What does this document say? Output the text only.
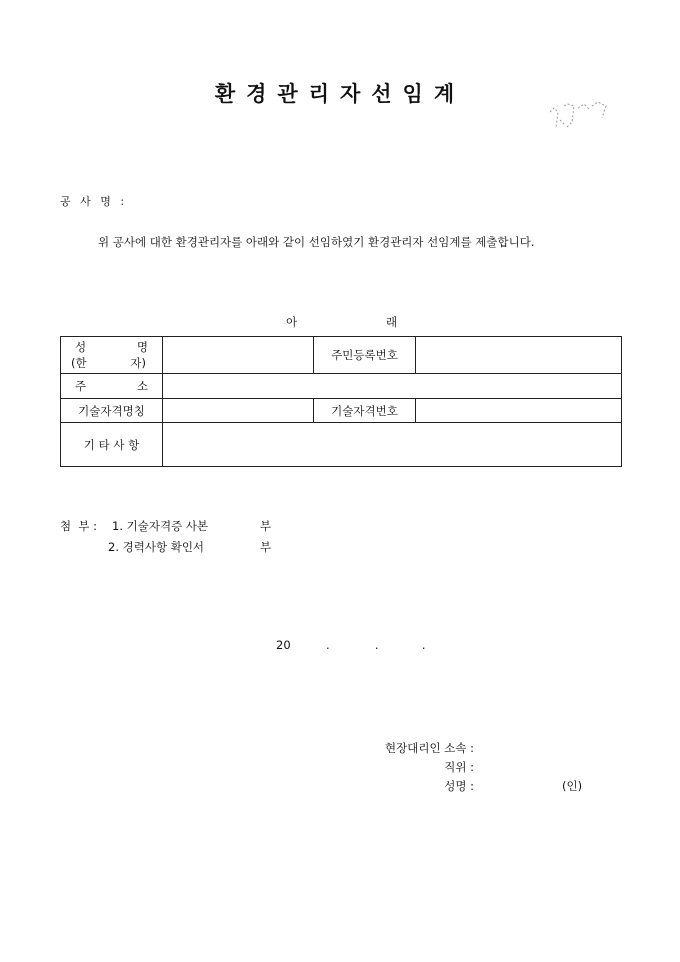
환경관리자선임계
공 사 명 :
위 공사에 대한 환경관리자를 아래와 같이 선임하였기 환경관리자 선임계를 제출합니다.
아	래
성 명
(한 자)		주민등록번호	

주 소			

기술자격명칭		기술자격번호	
기 타 사 항			
첨  부 :	1. 기술자격증 사본	부
2. 경력사항 확인서	부
20	.	.	.
현장대리인 소속 :
직위 :
성명 :	(인)
